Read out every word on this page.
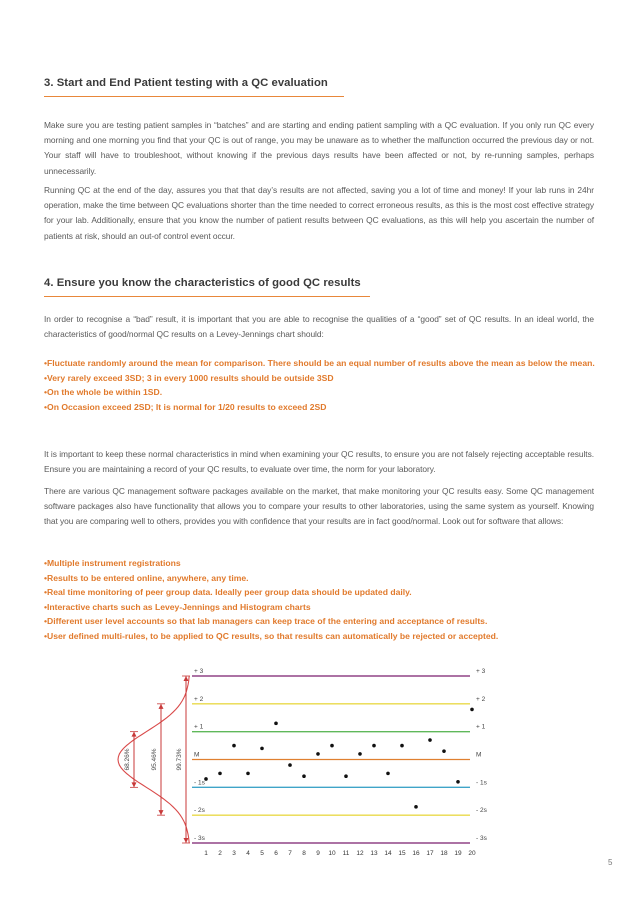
3. Start and End Patient testing with a QC evaluation

Make sure you are testing patient samples in “batches” and are starting and ending patient sampling with a QC evaluation. If you only run QC every morning and one morning you find that your QC is out of range, you may be unaware as to whether the malfunction occurred the previous day or not. Your staff will have to troubleshoot, without knowing if the previous days results have been affected or not, by re-running samples, perhaps unnecessarily.

Running QC at the end of the day, assures you that that day’s results are not affected, saving you a lot of time and money! If your lab runs in 24hr operation, make the time between QC evaluations shorter than the time needed to correct erroneous results, as this is the most cost effective strategy for your lab. Additionally, ensure that you know the number of patient results between QC evaluations, as this will help you ascertain the number of patients at risk, should an out-of control event occur.

4. Ensure you know the characteristics of good QC results

In order to recognise a “bad” result, it is important that you are able to recognise the qualities of a “good” set of QC results. In an ideal world, the characteristics of good/normal QC results on a Levey-Jennings chart should:

• Fluctuate randomly around the mean for comparison. There should be an equal number of results above the mean as below the mean.
• Very rarely exceed 3SD; 3 in every 1000 results should be outside 3SD
• On the whole be within 1SD.
• On Occasion exceed 2SD; It is normal for 1/20 results to exceed 2SD

It is important to keep these normal characteristics in mind when examining your QC results, to ensure you are not falsely rejecting acceptable results. Ensure you are maintaining a record of your QC results, to evaluate over time, the norm for your laboratory.

There are various QC management software packages available on the market, that make monitoring your QC results easy. Some QC management software packages also have functionality that allows you to compare your results to other laboratories, using the same system as yourself. Knowing that you are comparing well to others, provides you with confidence that your results are in fact good/normal. Look out for software that allows:

• Multiple instrument registrations
• Results to be entered online, anywhere, any time.
• Real time monitoring of peer group data. Ideally peer group data should be updated daily.
• Interactive charts such as Levey-Jennings and Histogram charts
• Different user level accounts so that lab managers can keep trace of the entering and acceptance of results.
• User defined multi-rules, to be applied to QC results, so that results can automatically be rejected or accepted.
+ 3	+ 3
+ 2	+ 2
+ 1	+ 1
M	M
- 1s	- 1s
- 2s	- 2s
- 3s	- 3s
68.26%	95.46%	99.73%
1 2 3 4 5 6 7 8 9 10 11 12 13 14 15 16 17 18 19 20
5
